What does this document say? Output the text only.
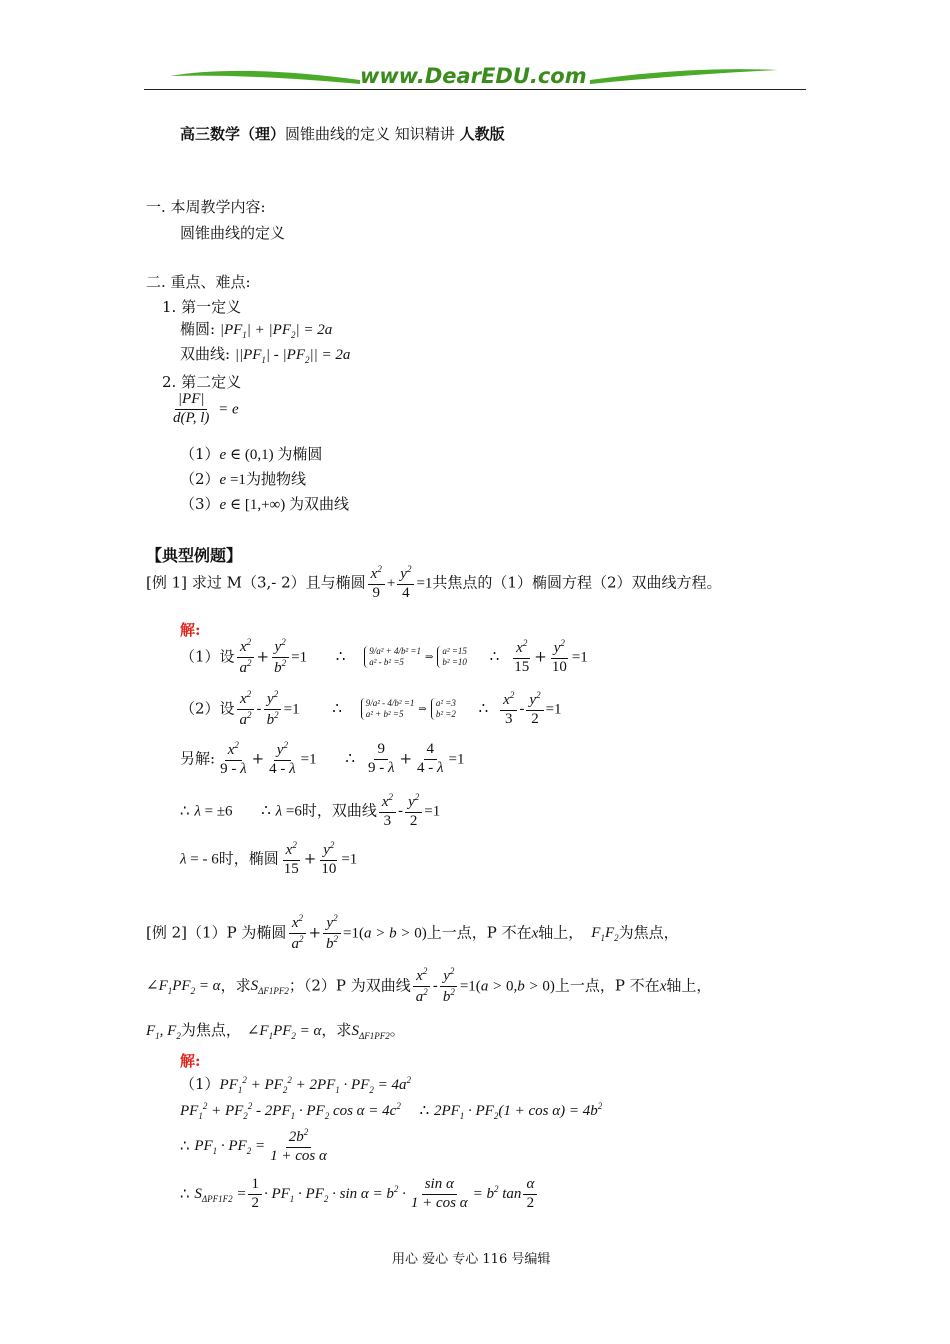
www.DearEDU.com
高三数学（理）圆锥曲线的定义 知识精讲 人教版
一. 本周教学内容:
圆锥曲线的定义
二. 重点、难点:
1. 第一定义
椭圆: $|PF_1| + |PF_2| = 2a$
双曲线: $||PF_1| - |PF_2|| = 2a$
2. 第二定义
$\frac{|PF|}{d(P, l)} = e$
（1）e ∈ (0,1) 为椭圆
（2）e =1为抛物线
（3）e ∈ [1,+∞) 为双曲线
【典型例题】
[例 1] 求过 M（3,- 2）且与椭圆 $\frac{x^2}{9} + \frac{y^2}{4} =1$共焦点的（1）椭圆方程（2）双曲线方程。
解:
（1）设 $\frac{x^2}{a^2} + \frac{y^2}{b^2} =1$ ∴	9/a² + 4/b² =1
a² - b² =5	⇒
a² =15
b² =10 ∴ $\frac{x^2}{15} + \frac{y^2}{10} =1$
（2）设 $\frac{x^2}{a^2} - \frac{y^2}{b^2} =1$ ∴	9/a² - 4/b² =1
a² + b² =5	⇒
a² =3
b² =2 ∴ $\frac{x^2}{3} - \frac{y^2}{2} =1$
另解: $\frac{x^2}{9 - \lambda} + \frac{y^2}{4 - \lambda} =1$ ∴ $\frac{9}{9 - \lambda} + \frac{4}{4 - \lambda} =1$
∴ λ = ±6 ∴ λ =6时，双曲线 $\frac{x^2}{3} - \frac{y^2}{2} =1$
λ = - 6时，椭圆 $\frac{x^2}{15} + \frac{y^2}{10} =1$
[例 2]（1）P 为椭圆 $\frac{x^2}{a^2} + \frac{y^2}{b^2} =1(a > b > 0)$上一点，P 不在x轴上， $F_1F_2$为焦点，
$\angle F_1PF_2 = \alpha$，求$S_{\Delta F1PF2}$；（2）P 为双曲线 $\frac{x^2}{a^2} - \frac{y^2}{b^2} =1(a > 0,b > 0)$上一点，P 不在x轴上，
$F_1$, $F_2$为焦点， $\angle F_1PF_2 = \alpha$，求$S_{\Delta F1PF2}$。
解:
$(1)PF_1^2 + PF_2^2 + 2PF_1 \cdot PF_2 = 4a^2$
$PF_1^2 + PF_2^2 - 2PF_1 \cdot PF_2$ $\cos \alpha = 4c^2$ ∴ $2PF_1 \cdot PF_2(1 + \cos \alpha) = 4b^2$
∴ $PF_1 \cdot PF_2 = \frac{2b^2}{\text{1 + cos α}}$
∴ $S_{\Delta PF1F2} = \frac{1}{2} \cdot PF_1 \cdot PF_2 \cdot \sin \alpha = b^2 \cdot \frac{\text{sin α}}{\text{1 + cos α}} = b^2$ $\tan \frac{\alpha}{2}$
用心 爱心 专心 116 号编辑
